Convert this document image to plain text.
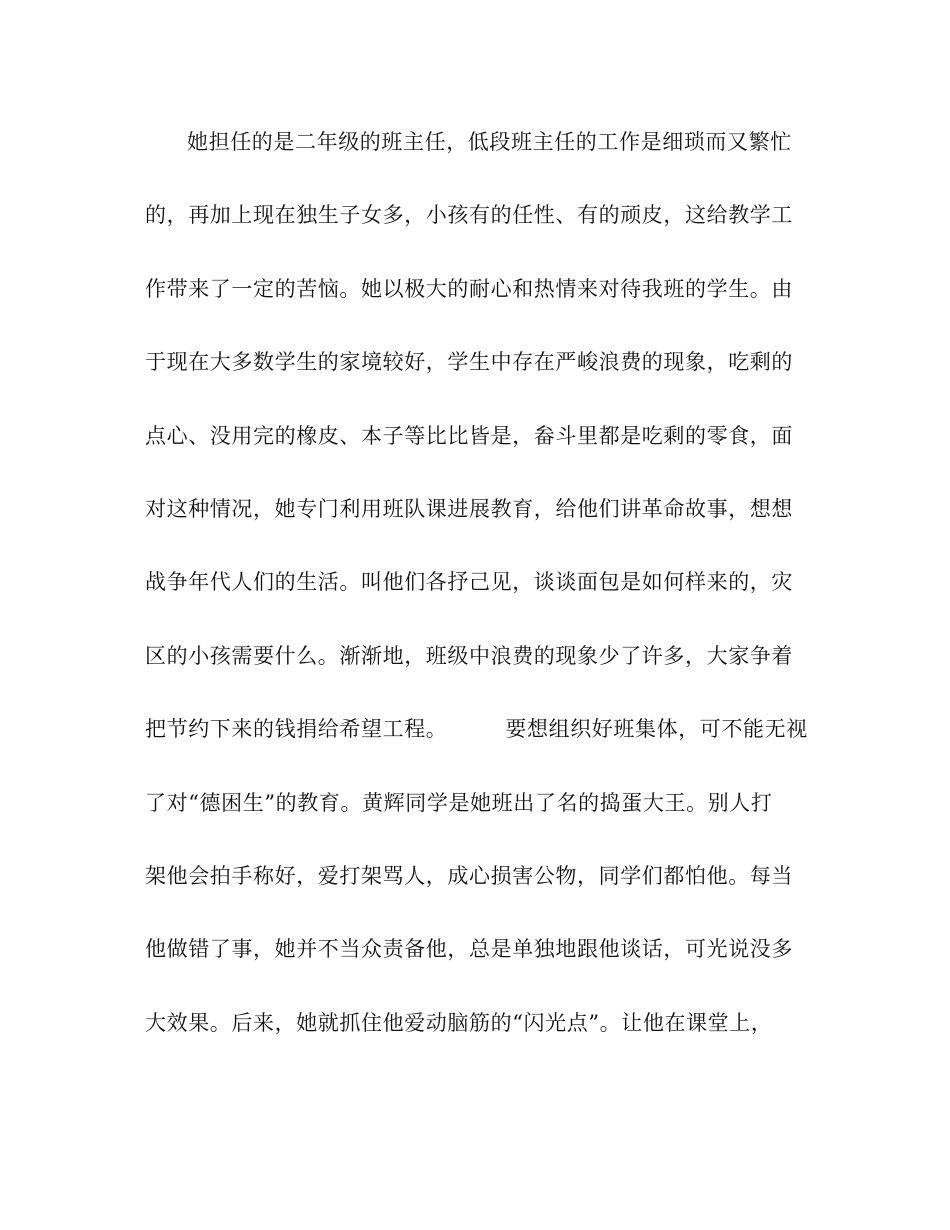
她担任的是二年级的班主任，低段班主任的工作是细琐而又繁忙
的，再加上现在独生子女多，小孩有的任性、有的顽皮，这给教学工
作带来了一定的苦恼。她以极大的耐心和热情来对待我班的学生。由
于现在大多数学生的家境较好，学生中存在严峻浪费的现象，吃剩的
点心、没用完的橡皮、本子等比比皆是，畚斗里都是吃剩的零食，面
对这种情况，她专门利用班队课进展教育，给他们讲革命故事，想想
战争年代人们的生活。叫他们各抒己见，谈谈面包是如何样来的，灾
区的小孩需要什么。渐渐地，班级中浪费的现象少了许多，大家争着
把节约下来的钱捐给希望工程。	要想组织好班集体，可不能无视
了对“德困生”的教育。黄辉同学是她班出了名的捣蛋大王。别人打
架他会拍手称好，爱打架骂人，成心损害公物，同学们都怕他。每当
他做错了事，她并不当众责备他，总是单独地跟他谈话，可光说没多
大效果。后来，她就抓住他爱动脑筋的“闪光点”。让他在课堂上，
